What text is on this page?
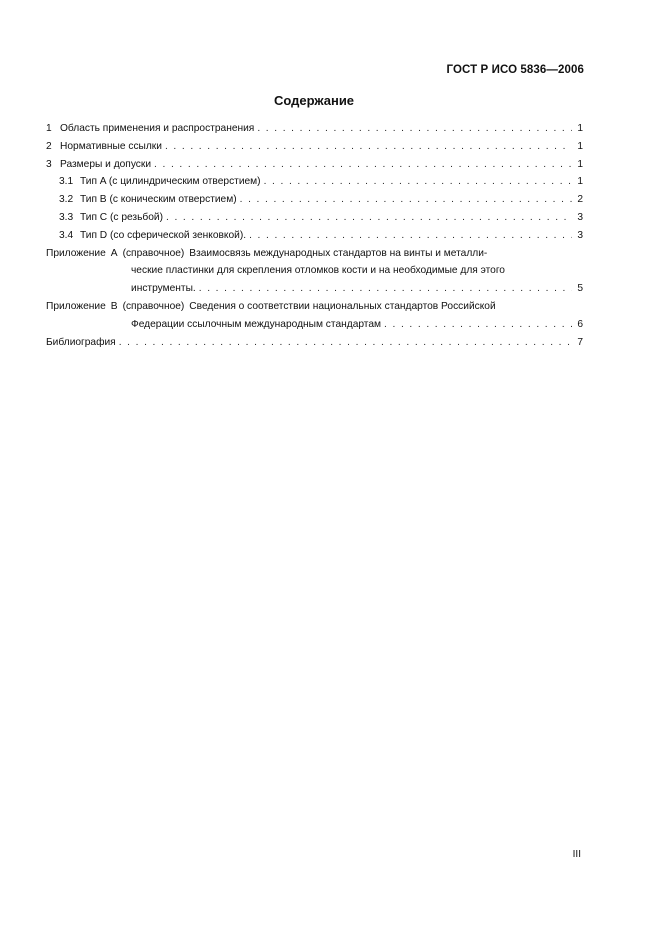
ГОСТ Р ИСО 5836—2006
Содержание
1 Область применения и распространения . . .	1
2 Нормативные ссылки . . .	1
3 Размеры и допуски . . .	1
3.1 Тип A (с цилиндрическим отверстием) . . .	1
3.2 Тип B (с коническим отверстием) . . .	2
3.3 Тип C (с резьбой) . . .	3
3.4 Тип D (со сферической зенковкой). . . .	3
Приложение А (справочное) Взаимосвязь международных стандартов на винты и металли-
ческие пластинки для скрепления отломков кости и на необходимые для этого
инструменты. . . .	5
Приложение В (справочное) Сведения о соответствии национальных стандартов Российской
Федерации ссылочным международным стандартам . . .	6
Библиография . . .	7
III
